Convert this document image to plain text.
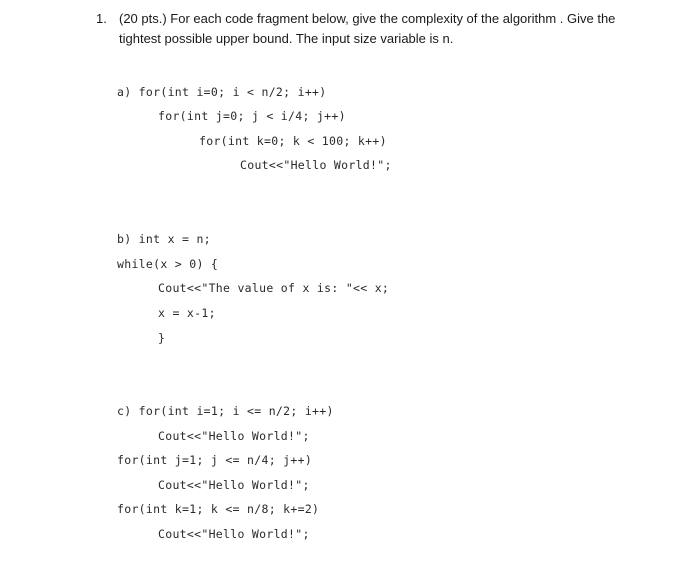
1. (20 pts.) For each code fragment below, give the complexity of the algorithm . Give the
tightest possible upper bound. The input size variable is n.
a) for(int i=0; i < n/2; i++)
for(int j=0; j < i/4; j++)
for(int k=0; k < 100; k++)
Cout<<"Hello World!";
b) int x = n;
while(x > 0) {
Cout<<"The value of x is: "<< x;
x = x-1;
}
c) for(int i=1; i <= n/2; i++)
Cout<<"Hello World!";
for(int j=1; j <= n/4; j++)
Cout<<"Hello World!";
for(int k=1; k <= n/8; k+=2)
Cout<<"Hello World!";
